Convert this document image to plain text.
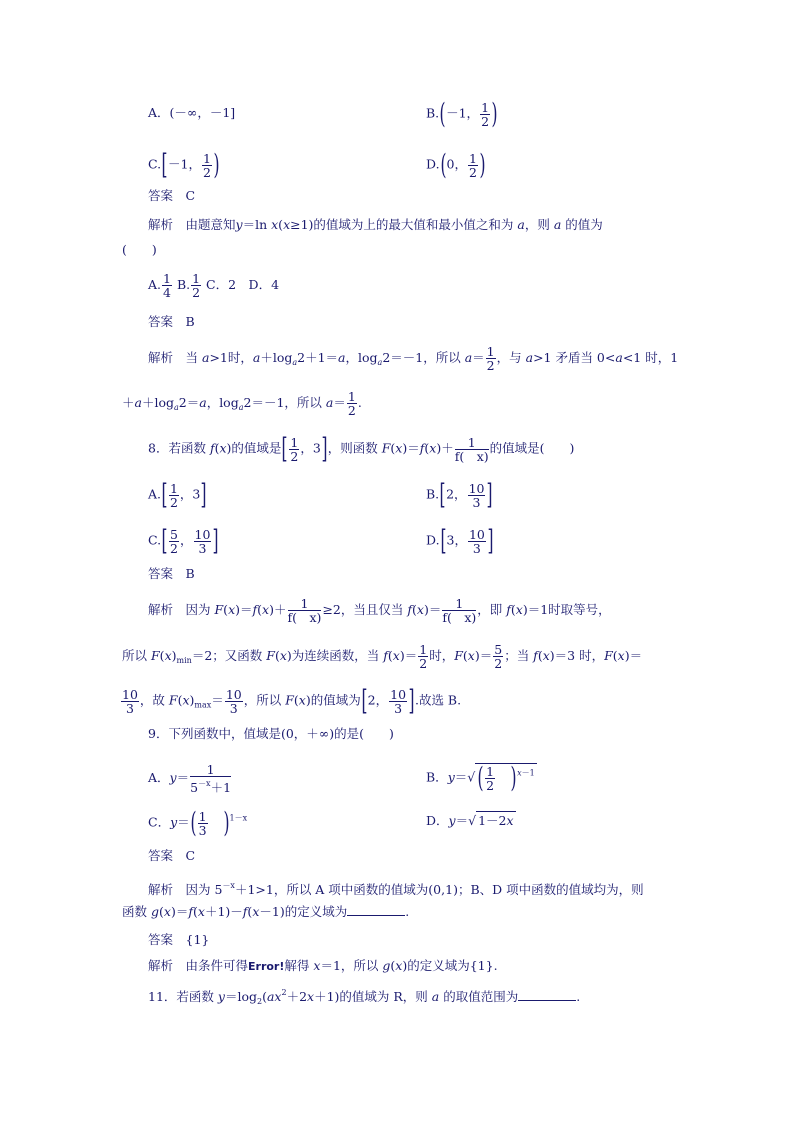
A．(－∞，－1]	B.(－1， $\frac{1}{2}$ )
C.[－1， $\frac{1}{2}$ )	D.(0， $\frac{1}{2}$ )
答案　C
解析　由题意知y＝ln x(x≥1)的值域为上的最大值和最小值之和为 a，则 a 的值为
(　　)
A. $\frac{1}{4} B$. $\frac{1}{2}$ C．2　D．4
答案　B
解析　当 a>1时，$a+\log_a2+1=a$，$\log_a2=-1$，所以 $a= \frac{1}{2}$ ，与 a>1 矛盾当 0<a<1 时，1
$+a+\log_a2=a$，$\log_a2=-1$，所以 $a= \frac{1}{2}$ .
8．若函数 f(x)的值域是[ $\frac{1}{2}$ ，3]，则函数 $F(x)=f(x)+ \frac{1}{f( x)}$ 的值域是(　　)
$A.[ \frac{1}{2}$ ，3]	B.[2， $\frac{10}{3}$ ]
$C.[ \frac{5}{2}$ ， $\frac{10}{3}$ ]	D.[3， $\frac{10}{3}$ ]
答案　B
解析　因为 $F(x)=f(x)+ \frac{1}{f( x)} \ge 2$，当且仅当 $f(x)= \frac{1}{f( x)}$ ，即 f(x)＝1时取等号，
所以 $F(x)_{min}=2$；又函数 F(x)为连续函数，当 $f(x)= \frac{1}{2}$ 时，$F(x)= \frac{5}{2}$ ；当 f(x)＝3 时，F(x)＝
$\frac{10}{3}$ ，故 $F(x)_{max}= \frac{10}{3}$ ，所以 F(x)的值域为[2， $\frac{10}{3}$ ].故选 B.
9．下列函数中，值域是(0，＋∞)的是(　　)
A．$y= \frac{1}{5^{-x}+1}$	B．$y=√( \frac{1}{2} )^{x-1}$
C．$y=( \frac{1}{3} )^{1-x}$	D．y＝√ 1－2x
答案　C
解析　因为 $5^{-x}+1>1$，所以 A 项中函数的值域为(0,1)；B、D 项中函数的值域均为，则
函数 g(x)＝f(x＋1)－f(x－1)的定义域为	.
答案　{1}
解析　由条件可得Error!解得 x＝1，所以 g(x)的定义域为{1}.
11．若函数 $y=\log_2(ax^2+2x+1)$的值域为 R，则 a 的取值范围为	.
